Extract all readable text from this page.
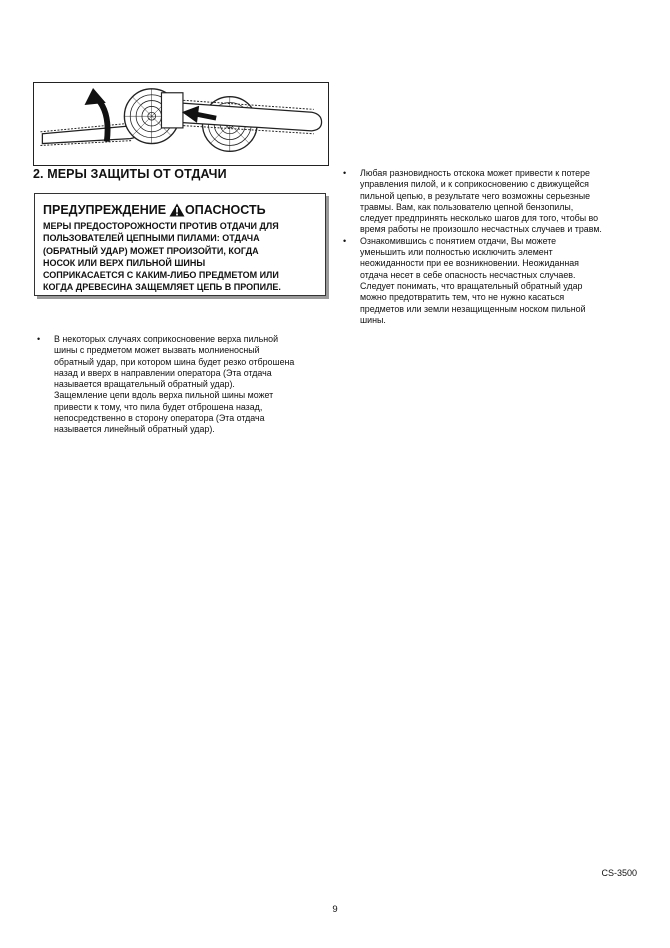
2. МЕРЫ ЗАЩИТЫ ОТ ОТДАЧИ
ПРЕДУПРЕЖДЕНИЕ ОПАСНОСТЬ
МЕРЫ ПРЕДОСТОРОЖНОСТИ ПРОТИВ ОТДАЧИ ДЛЯ
ПОЛЬЗОВАТЕЛЕЙ ЦЕПНЫМИ ПИЛАМИ: ОТДАЧА
(ОБРАТНЫЙ УДАР) МОЖЕТ ПРОИЗОЙТИ, КОГДА
НОСОК ИЛИ ВЕРХ ПИЛЬНОЙ ШИНЫ
СОПРИКАСАЕТСЯ С КАКИМ-ЛИБО ПРЕДМЕТОМ ИЛИ
КОГДА ДРЕВЕСИНА ЗАЩЕМЛЯЕТ ЦЕПЬ В ПРОПИЛЕ.
• В некоторых случаях соприкосновение верха пильной
шины с предметом может вызвать молниеносный
обратный удар, при котором шина будет резко отброшена
назад и вверх в направлении оператора (Эта отдача
называется вращательный обратный удар).
Защемление цепи вдоль верха пильной шины может
привести к тому, что пила будет отброшена назад,
непосредственно в сторону оператора (Эта отдача
называется линейный обратный удар).
• Любая разновидность отскока может привести к потере
управления пилой, и к соприкосновению с движущейся
пильной цепью, в результате чего возможны серьезные
травмы. Вам, как пользователю цепной бензопилы,
следует предпринять несколько шагов для того, чтобы во
время работы не произошло несчастных случаев и травм.
• Ознакомившись с понятием отдачи, Вы можете
уменьшить или полностью исключить элемент
неожиданности при ее возникновении. Неожиданная
отдача несет в себе опасность несчастных случаев.
Следует понимать, что вращательный обратный удар
можно предотвратить тем, что не нужно касаться
предметов или земли незащищенным носком пильной
шины.
CS-3500
9
